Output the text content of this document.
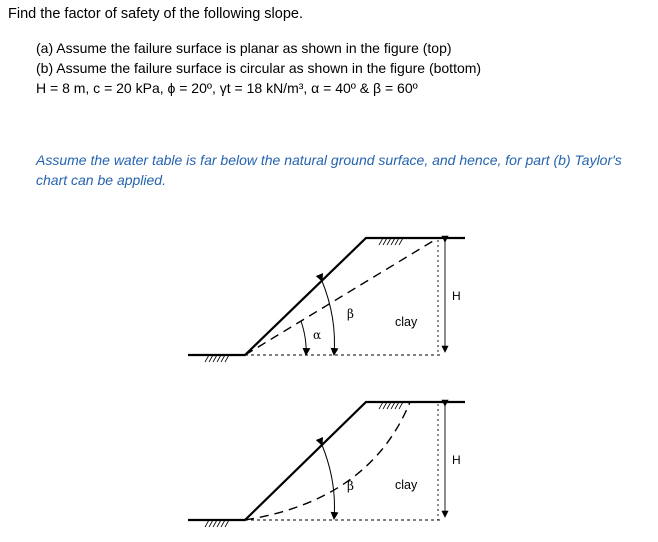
Find the factor of safety of the following slope.
(a) Assume the failure surface is planar as shown in the figure (top)
(b) Assume the failure surface is circular as shown in the figure (bottom)
H = 8 m, c = 20 kPa, ϕ = 20º, γt = 18 kN/m³, α = 40º & β = 60º
Assume the water table is far below the natural ground surface, and hence, for part (b) Taylor's chart can be applied.
H
α
β
clay
H
β	clay
